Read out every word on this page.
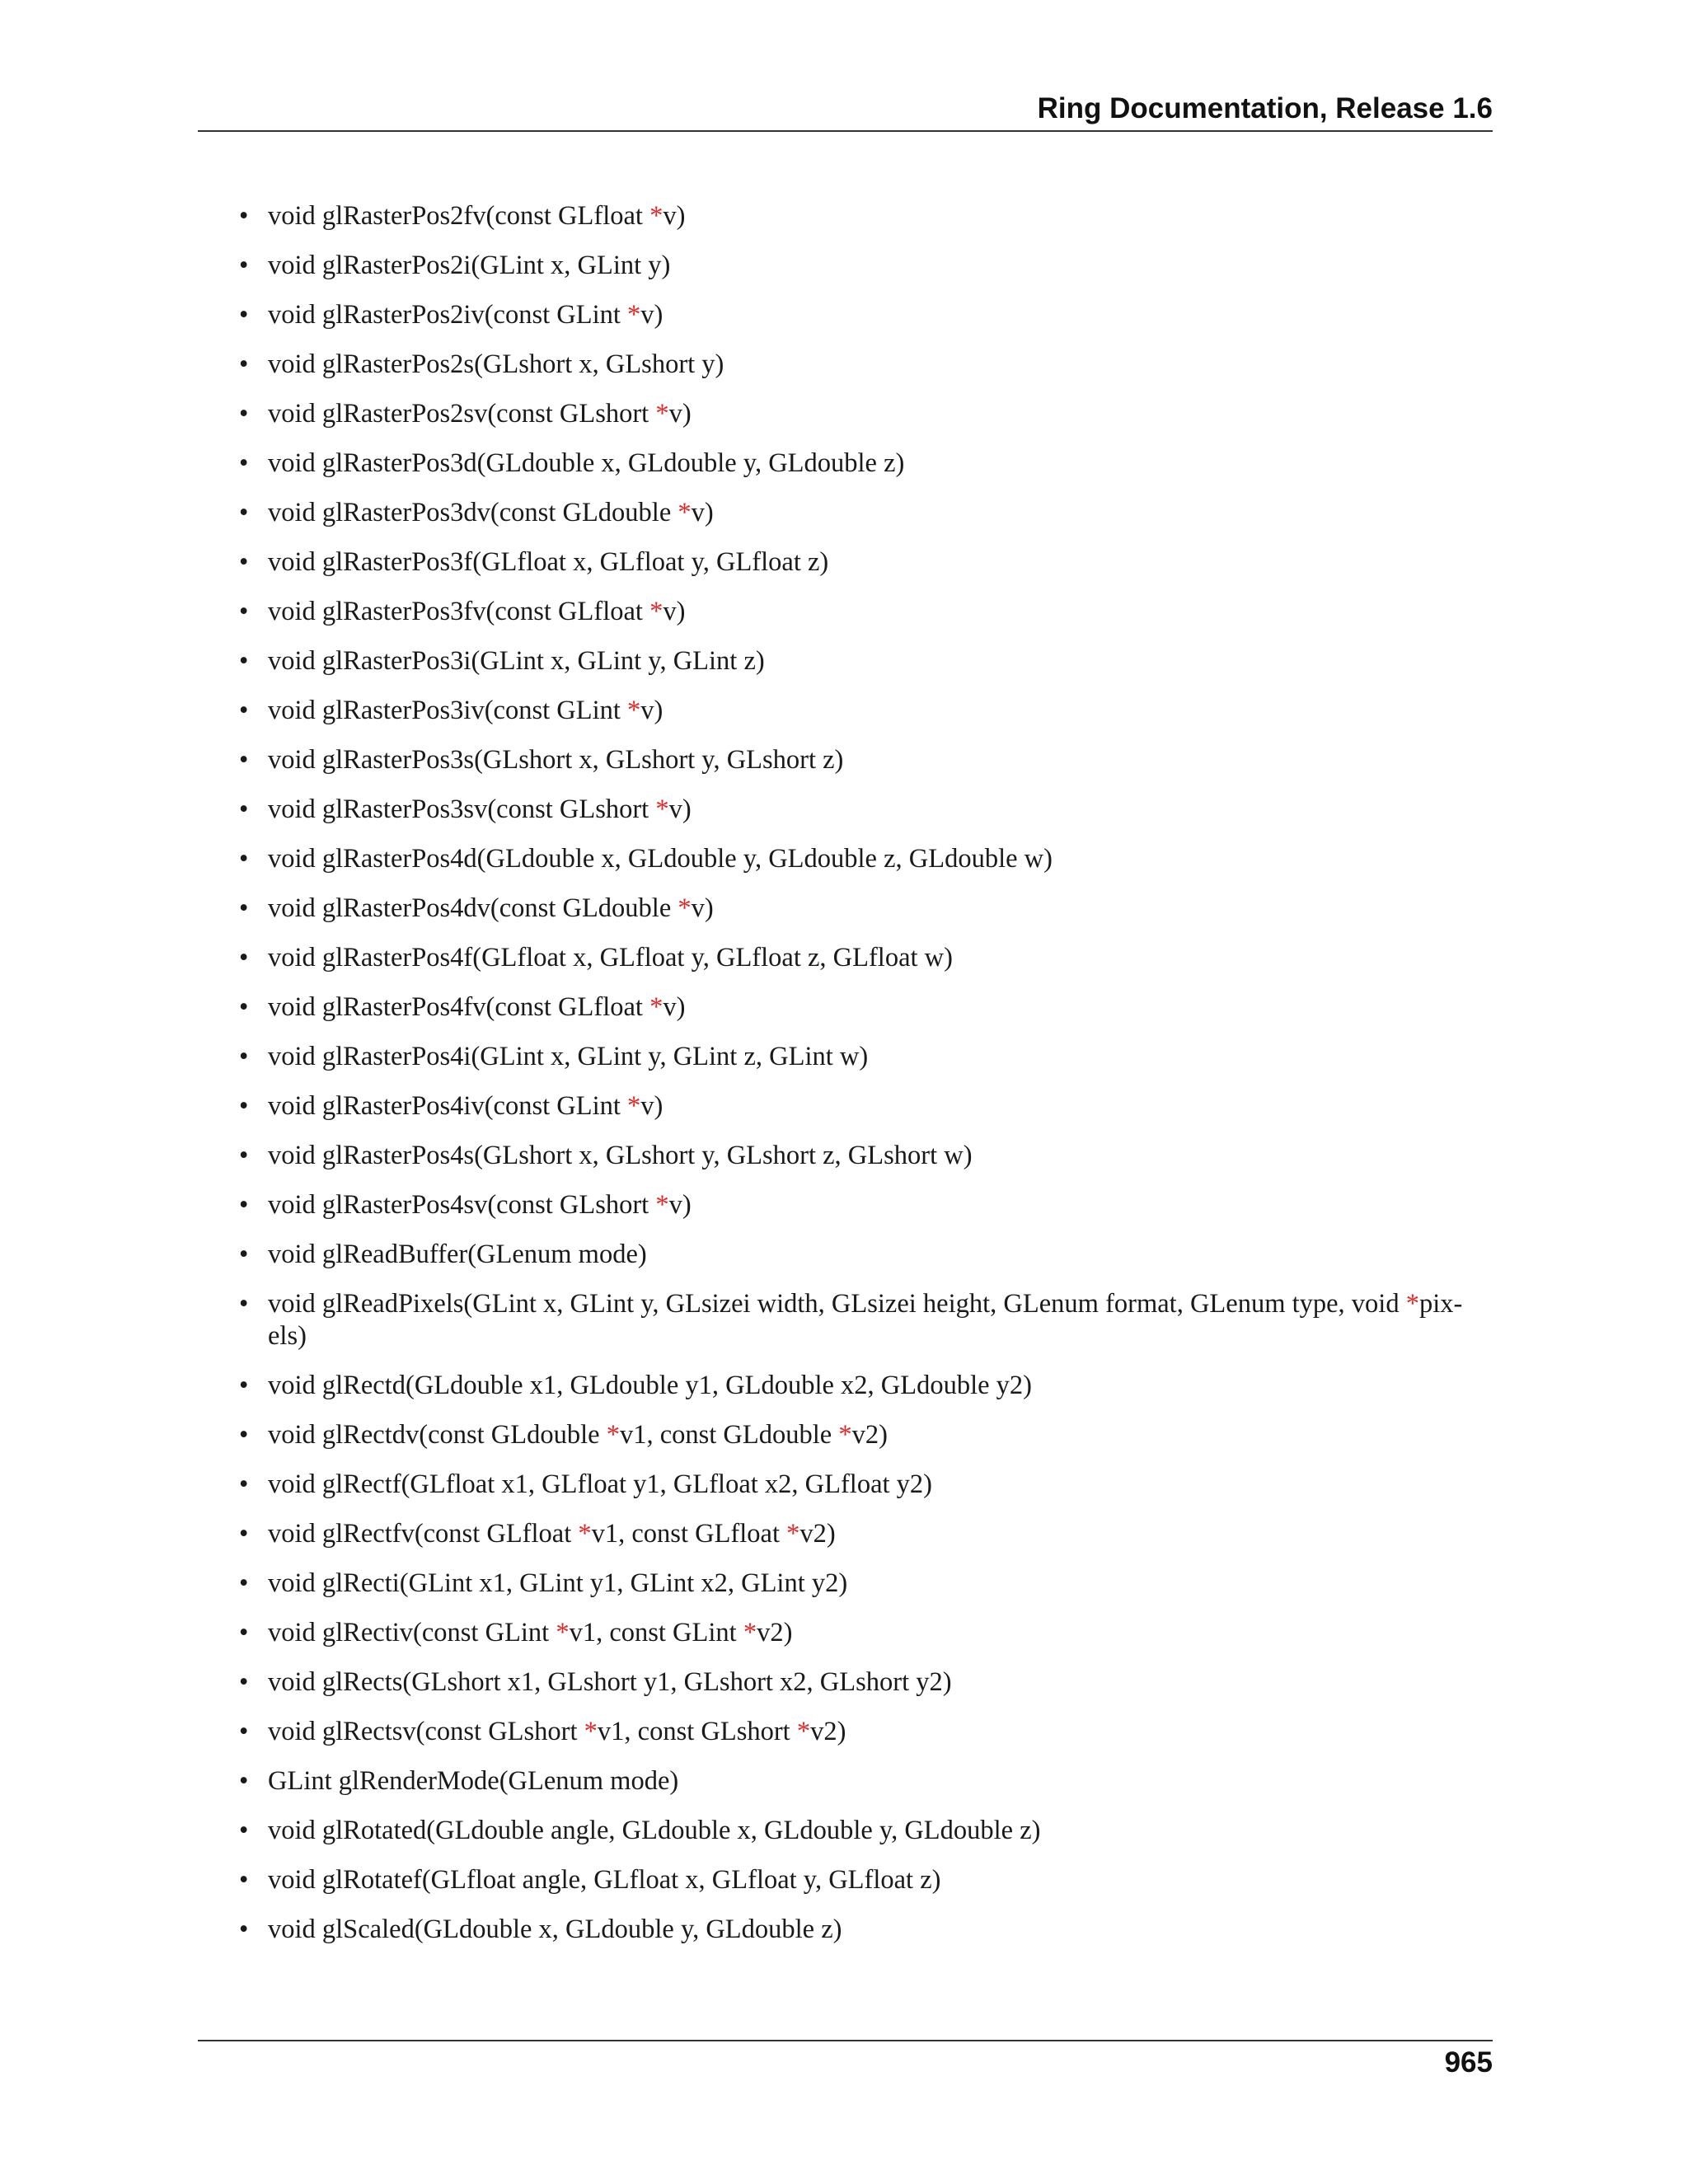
Ring Documentation, Release 1.6
• void glRasterPos2fv(const GLfloat *v)
• void glRasterPos2i(GLint x, GLint y)
• void glRasterPos2iv(const GLint *v)
• void glRasterPos2s(GLshort x, GLshort y)
• void glRasterPos2sv(const GLshort *v)
• void glRasterPos3d(GLdouble x, GLdouble y, GLdouble z)
• void glRasterPos3dv(const GLdouble *v)
• void glRasterPos3f(GLfloat x, GLfloat y, GLfloat z)
• void glRasterPos3fv(const GLfloat *v)
• void glRasterPos3i(GLint x, GLint y, GLint z)
• void glRasterPos3iv(const GLint *v)
• void glRasterPos3s(GLshort x, GLshort y, GLshort z)
• void glRasterPos3sv(const GLshort *v)
• void glRasterPos4d(GLdouble x, GLdouble y, GLdouble z, GLdouble w)
• void glRasterPos4dv(const GLdouble *v)
• void glRasterPos4f(GLfloat x, GLfloat y, GLfloat z, GLfloat w)
• void glRasterPos4fv(const GLfloat *v)
• void glRasterPos4i(GLint x, GLint y, GLint z, GLint w)
• void glRasterPos4iv(const GLint *v)
• void glRasterPos4s(GLshort x, GLshort y, GLshort z, GLshort w)
• void glRasterPos4sv(const GLshort *v)
• void glReadBuffer(GLenum mode)
• void glReadPixels(GLint x, GLint y, GLsizei width, GLsizei height, GLenum format, GLenum type, void *pix-els)
• void glRectd(GLdouble x1, GLdouble y1, GLdouble x2, GLdouble y2)
• void glRectdv(const GLdouble *v1, const GLdouble *v2)
• void glRectf(GLfloat x1, GLfloat y1, GLfloat x2, GLfloat y2)
• void glRectfv(const GLfloat *v1, const GLfloat *v2)
• void glRecti(GLint x1, GLint y1, GLint x2, GLint y2)
• void glRectiv(const GLint *v1, const GLint *v2)
• void glRects(GLshort x1, GLshort y1, GLshort x2, GLshort y2)
• void glRectsv(const GLshort *v1, const GLshort *v2)
• GLint glRenderMode(GLenum mode)
• void glRotated(GLdouble angle, GLdouble x, GLdouble y, GLdouble z)
• void glRotatef(GLfloat angle, GLfloat x, GLfloat y, GLfloat z)
• void glScaled(GLdouble x, GLdouble y, GLdouble z)
965
